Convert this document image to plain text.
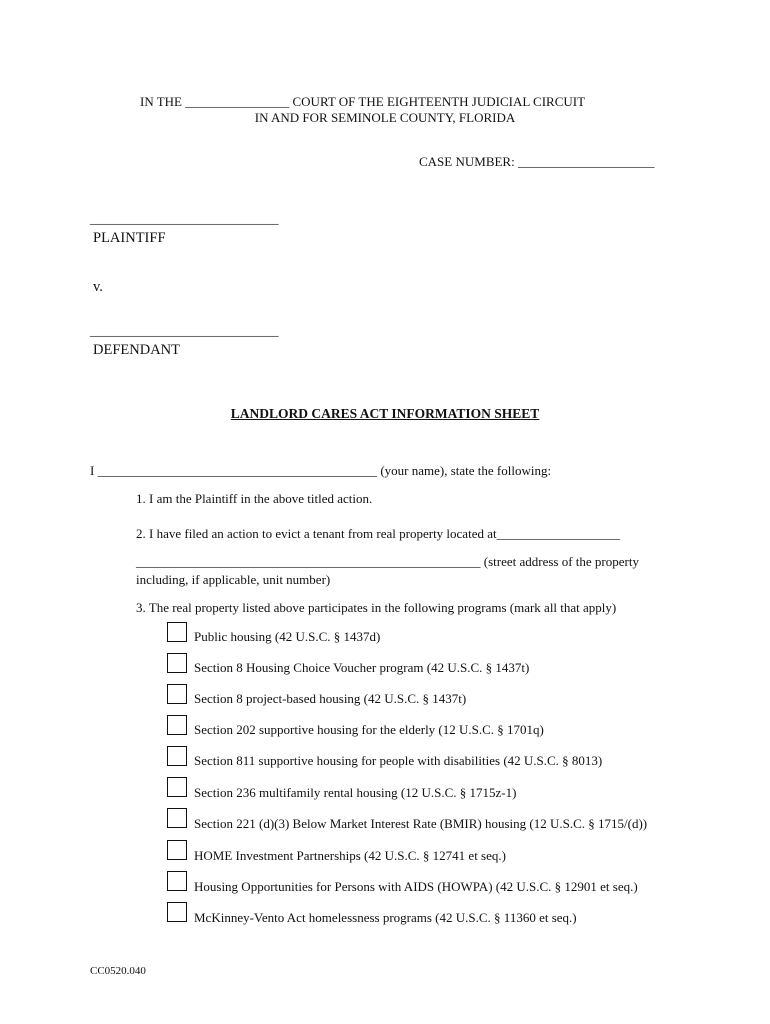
IN THE ________________ COURT OF THE EIGHTEENTH JUDICIAL CIRCUIT
IN AND FOR SEMINOLE COUNTY, FLORIDA
CASE NUMBER: _____________________
_____________________________
PLAINTIFF
v.
_____________________________
DEFENDANT
LANDLORD CARES ACT INFORMATION SHEET
I ___________________________________________ (your name), state the following:
1. I am the Plaintiff in the above titled action.
2. I have filed an action to evict a tenant from real property located at___________________
_____________________________________________________ (street address of the property
including, if applicable, unit number)
3. The real property listed above participates in the following programs (mark all that apply)
Public housing (42 U.S.C. § 1437d)
Section 8 Housing Choice Voucher program (42 U.S.C. § 1437t)
Section 8 project-based housing (42 U.S.C. § 1437t)
Section 202 supportive housing for the elderly (12 U.S.C. § 1701q)
Section 811 supportive housing for people with disabilities (42 U.S.C. § 8013)
Section 236 multifamily rental housing (12 U.S.C. § 1715z-1)
Section 221 (d)(3) Below Market Interest Rate (BMIR) housing (12 U.S.C. § 1715/(d))
HOME Investment Partnerships (42 U.S.C. § 12741 et seq.)
Housing Opportunities for Persons with AIDS (HOWPA) (42 U.S.C. § 12901 et seq.)
McKinney-Vento Act homelessness programs (42 U.S.C. § 11360 et seq.)
CC0520.040
